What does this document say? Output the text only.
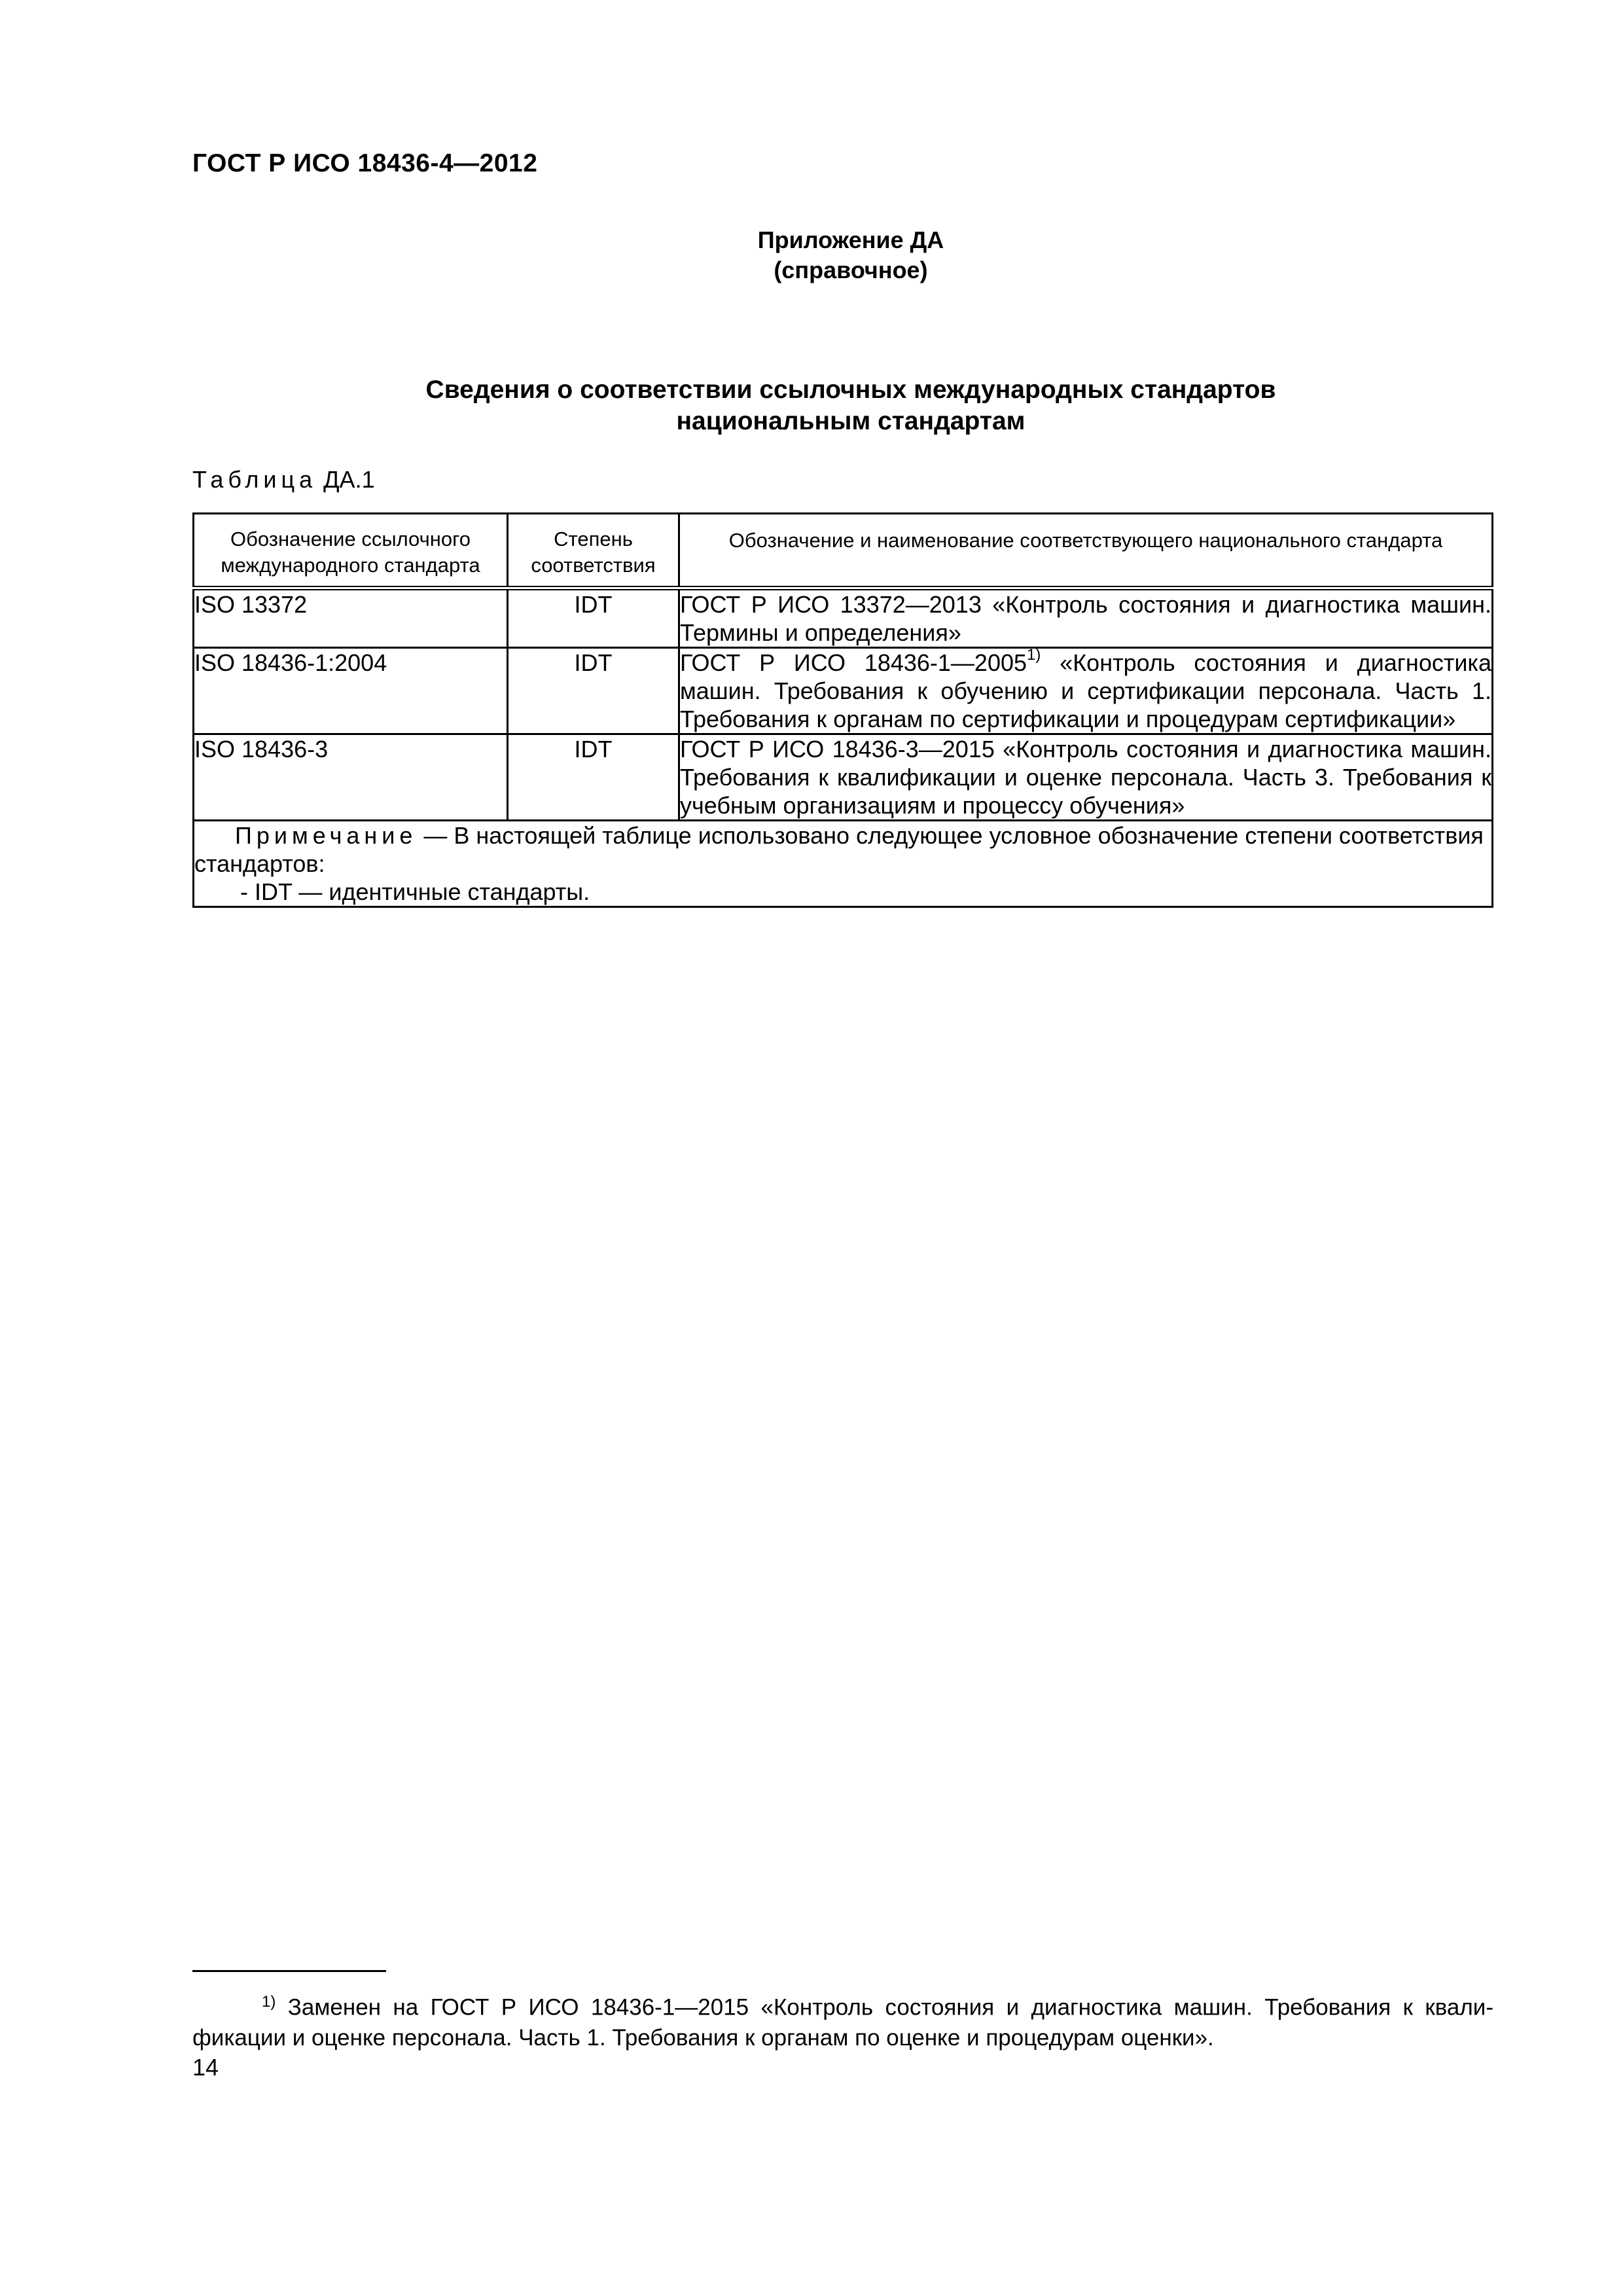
ГОСТ Р ИСО 18436-4—2012
Приложение ДА
(справочное)
Сведения о соответствии ссылочных международных стандартов
национальным стандартам
Таблица ДА.1
Обозначение ссылочного международного стандарта	Степень соответствия	Обозначение и наименование соответствующего национального стандарта
ISO 13372	IDT	ГОСТ Р ИСО 13372—2013 «Контроль состояния и диагностика машин. Термины и определения»
ISO 18436-1:2004	IDT	ГОСТ Р ИСО 18436-1—2005$^{1)}$ «Контроль состояния и диагностика машин. Требования к обучению и сертификации персонала. Часть 1. Требования к органам по сертификации и процедурам сертификации»
ISO 18436-3	IDT	ГОСТ Р ИСО 18436-3—2015 «Контроль состояния и диагностика машин. Требования к квалификации и оценке персонала. Часть 3. Требования к учебным организациям и процессу обучения»

Примечание — В настоящей таблице использовано следующее условное обозначение степени соответствия стандартов:
- IDT — идентичные стандарты.		
$^{1)}$ Заменен на ГОСТ Р ИСО 18436-1—2015 «Контроль состояния и диагностика машин. Требования к квалификации и оценке персонала. Часть 1. Требования к органам по оценке и процедурам оценки».
14
